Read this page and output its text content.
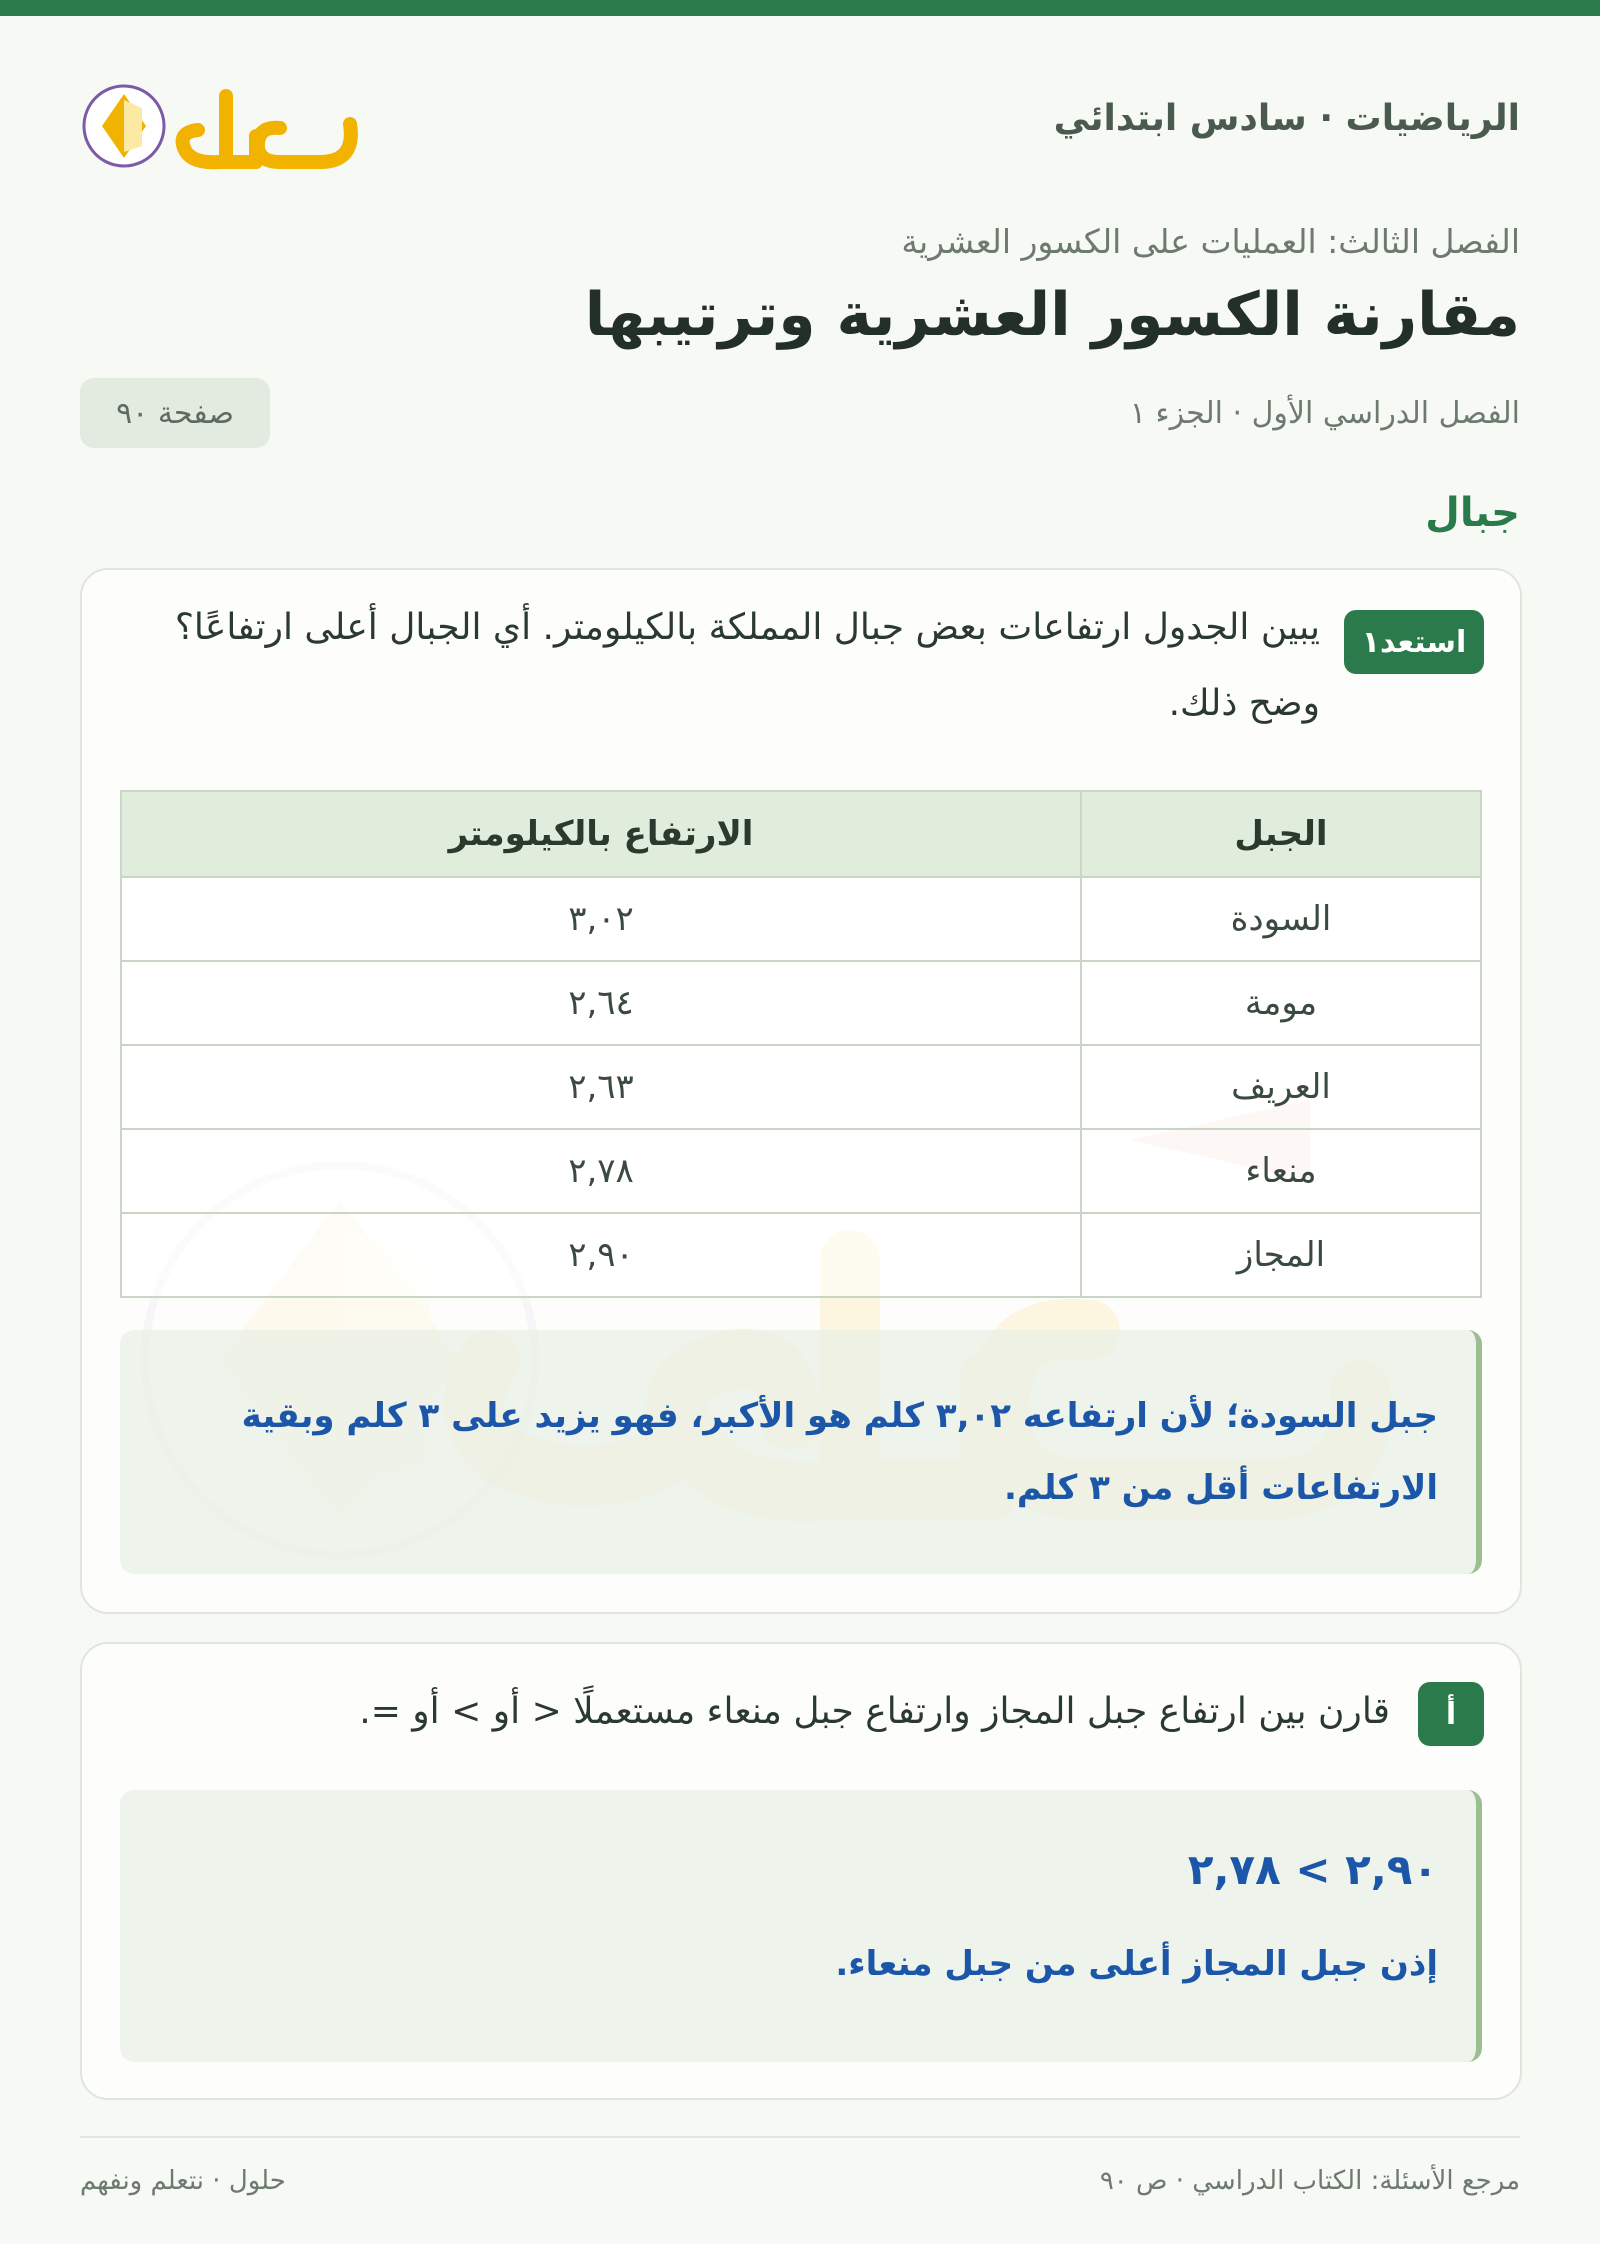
الرياضيات · سادس ابتدائي
الفصل الثالث: العمليات على الكسور العشرية
مقارنة الكسور العشرية وترتيبها
الفصل الدراسي الأول · الجزء ١
صفحة ٩٠
جبال
استعد١

يبين الجدول ارتفاعات بعض جبال المملكة بالكيلومتر. أي الجبال أعلى ارتفاعًا؟ وضح ذلك.

الجبل	الارتفاع بالكيلومتر
السودة	٣,٠٢
مومة	٢,٦٤
العريف	٢,٦٣
منعاء	٢,٧٨
المجاز	٢,٩٠
جبل السودة؛ لأن ارتفاعه ٣,٠٢ كلم هو الأكبر، فهو يزيد على ٣ كلم وبقية الارتفاعات أقل من ٣ كلم.
أ

قارن بين ارتفاع جبل المجاز وارتفاع جبل منعاء مستعملًا < أو > أو =.

٢,٩٠ > ٢,٧٨
إذن جبل المجاز أعلى من جبل منعاء.
مرجع الأسئلة: الكتاب الدراسي · ص ٩٠
حلول · نتعلم ونفهم
